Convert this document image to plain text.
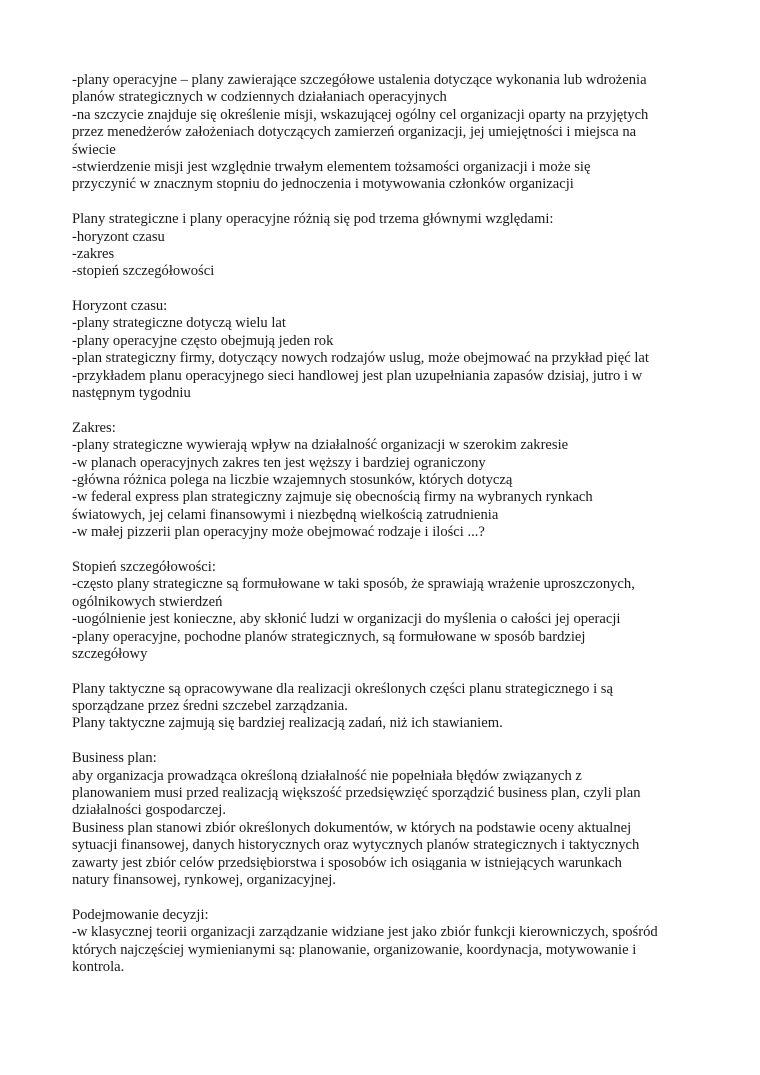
-plany operacyjne – plany zawierające szczegółowe ustalenia dotyczące wykonania lub wdrożenia
planów strategicznych w codziennych działaniach operacyjnych
-na szczycie znajduje się określenie misji, wskazującej ogólny cel organizacji oparty na przyjętych
przez menedżerów założeniach dotyczących zamierzeń organizacji, jej umiejętności i miejsca na
świecie
-stwierdzenie misji jest względnie trwałym elementem tożsamości organizacji i może się
przyczynić w znacznym stopniu do jednoczenia i motywowania członków organizacji
Plany strategiczne i plany operacyjne różnią się pod trzema głównymi względami:
-horyzont czasu
-zakres
-stopień szczegółowości
Horyzont czasu:
-plany strategiczne dotyczą wielu lat
-plany operacyjne często obejmują jeden rok
-plan strategiczny firmy, dotyczący nowych rodzajów uslug, może obejmować na przykład pięć lat
-przykładem planu operacyjnego sieci handlowej jest plan uzupełniania zapasów dzisiaj, jutro i w
następnym tygodniu
Zakres:
-plany strategiczne wywierają wpływ na działalność organizacji w szerokim zakresie
-w planach operacyjnych zakres ten jest węższy i bardziej ograniczony
-główna różnica polega na liczbie wzajemnych stosunków, których dotyczą
-w federal express plan strategiczny zajmuje się obecnością firmy na wybranych rynkach
światowych, jej celami finansowymi i niezbędną wielkością zatrudnienia
-w małej pizzerii plan operacyjny może obejmować rodzaje i ilości ...?
Stopień szczegółowości:
-często plany strategiczne są formułowane w taki sposób, że sprawiają wrażenie uproszczonych,
ogólnikowych stwierdzeń
-uogólnienie jest konieczne, aby skłonić ludzi w organizacji do myślenia o całości jej operacji
-plany operacyjne, pochodne planów strategicznych, są formułowane w sposób bardziej
szczegółowy
Plany taktyczne są opracowywane dla realizacji określonych części planu strategicznego i są
sporządzane przez średni szczebel zarządzania.
Plany taktyczne zajmują się bardziej realizacją zadań, niż ich stawianiem.
Business plan:
aby organizacja prowadząca określoną działalność nie popełniała błędów związanych z
planowaniem musi przed realizacją większość przedsięwzięć sporządzić business plan, czyli plan
działalności gospodarczej.
Business plan stanowi zbiór określonych dokumentów, w których na podstawie oceny aktualnej
sytuacji finansowej, danych historycznych oraz wytycznych planów strategicznych i taktycznych
zawarty jest zbiór celów przedsiębiorstwa i sposobów ich osiągania w istniejących warunkach
natury finansowej, rynkowej, organizacyjnej.
Podejmowanie decyzji:
-w klasycznej teorii organizacji zarządzanie widziane jest jako zbiór funkcji kierowniczych, spośród
których najczęściej wymienianymi są: planowanie, organizowanie, koordynacja, motywowanie i
kontrola.
